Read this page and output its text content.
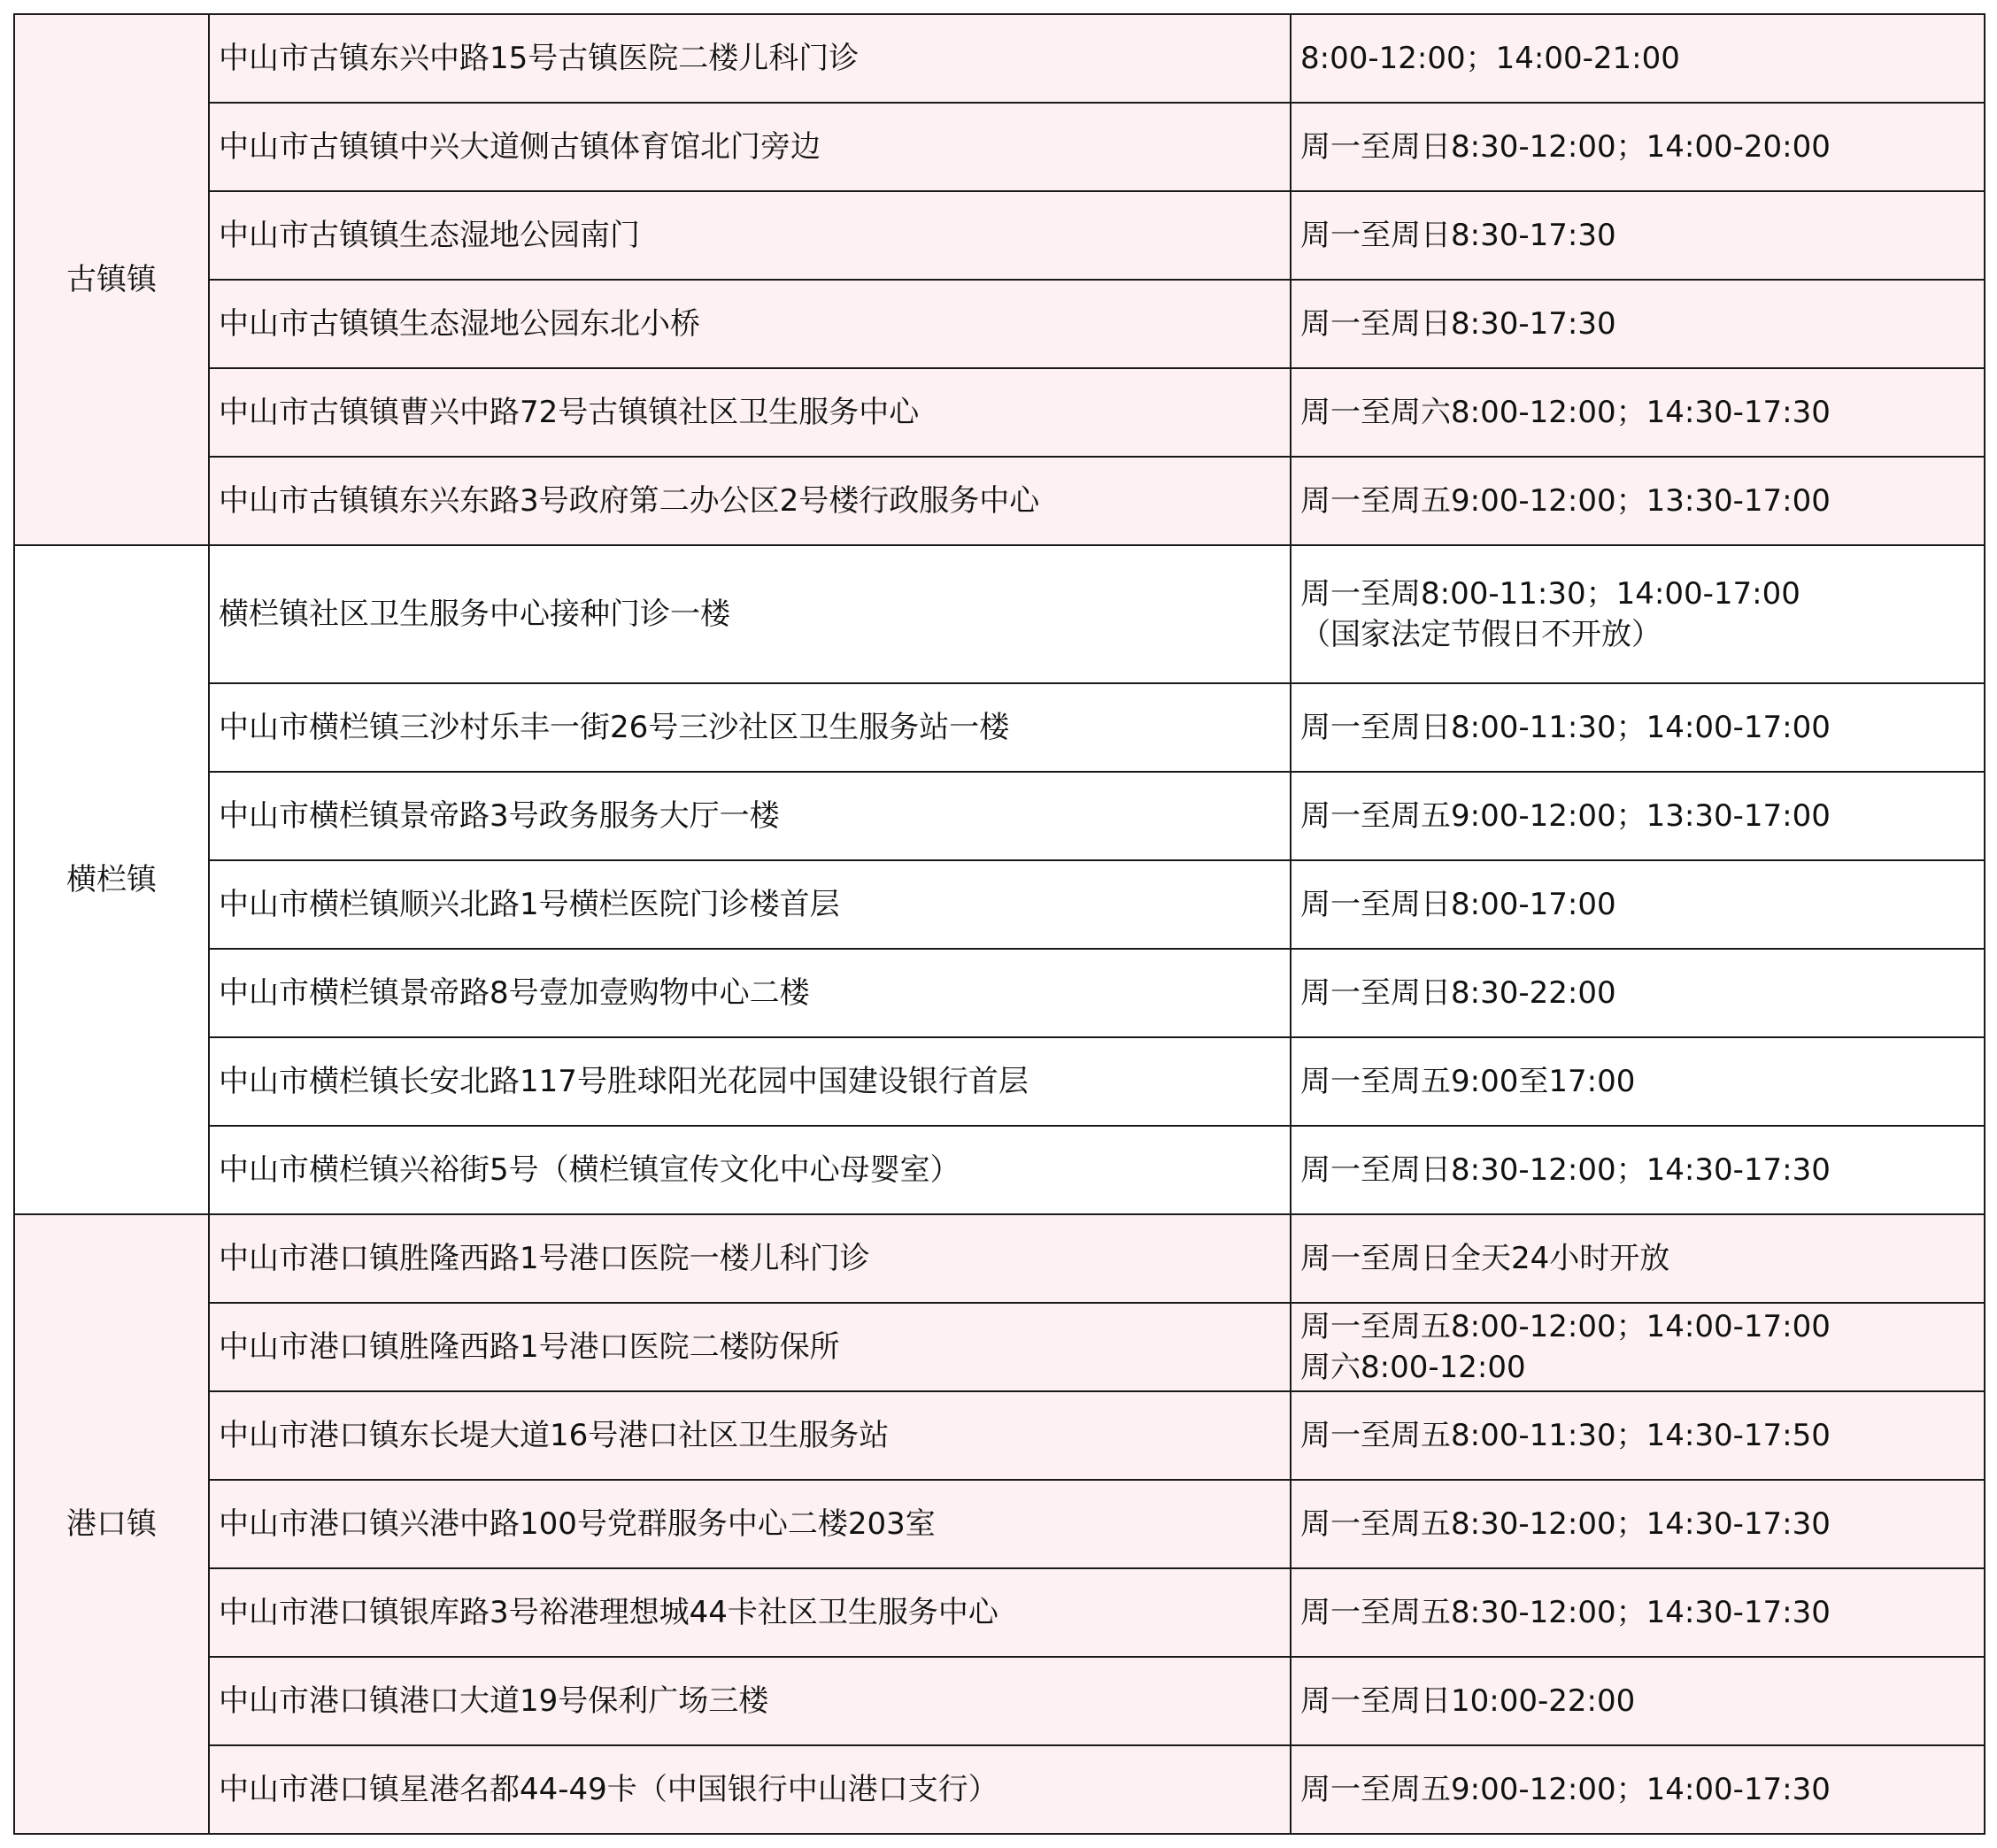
古镇镇	中山市古镇东兴中路15号古镇医院二楼儿科门诊	8:00-12:00；14:00-21:00

	中山市古镇镇中兴大道侧古镇体育馆北门旁边	周一至周日8:30-12:00；14:00-20:00

	中山市古镇镇生态湿地公园南门	周一至周日8:30-17:30

	中山市古镇镇生态湿地公园东北小桥	周一至周日8:30-17:30

	中山市古镇镇曹兴中路72号古镇镇社区卫生服务中心	周一至周六8:00-12:00；14:30-17:30

	中山市古镇镇东兴东路3号政府第二办公区2号楼行政服务中心	周一至周五9:00-12:00；13:30-17:00

横栏镇	横栏镇社区卫生服务中心接种门诊一楼	周一至周8:00-11:30；14:00-17:00
（国家法定节假日不开放）

	中山市横栏镇三沙村乐丰一街26号三沙社区卫生服务站一楼	周一至周日8:00-11:30；14:00-17:00

	中山市横栏镇景帝路3号政务服务大厅一楼	周一至周五9:00-12:00；13:30-17:00

	中山市横栏镇顺兴北路1号横栏医院门诊楼首层	周一至周日8:00-17:00

	中山市横栏镇景帝路8号壹加壹购物中心二楼	周一至周日8:30-22:00

	中山市横栏镇长安北路117号胜球阳光花园中国建设银行首层	周一至周五9:00至17:00

	中山市横栏镇兴裕街5号（横栏镇宣传文化中心母婴室）	周一至周日8:30-12:00；14:30-17:30

港口镇	中山市港口镇胜隆西路1号港口医院一楼儿科门诊	周一至周日全天24小时开放

	中山市港口镇胜隆西路1号港口医院二楼防保所	周一至周五8:00-12:00；14:00-17:00
周六8:00-12:00

	中山市港口镇东长堤大道16号港口社区卫生服务站	周一至周五8:00-11:30；14:30-17:50

	中山市港口镇兴港中路100号党群服务中心二楼203室	周一至周五8:30-12:00；14:30-17:30

	中山市港口镇银库路3号裕港理想城44卡社区卫生服务中心	周一至周五8:30-12:00；14:30-17:30

	中山市港口镇港口大道19号保利广场三楼	周一至周日10:00-22:00

	中山市港口镇星港名都44-49卡（中国银行中山港口支行）	周一至周五9:00-12:00；14:00-17:30
